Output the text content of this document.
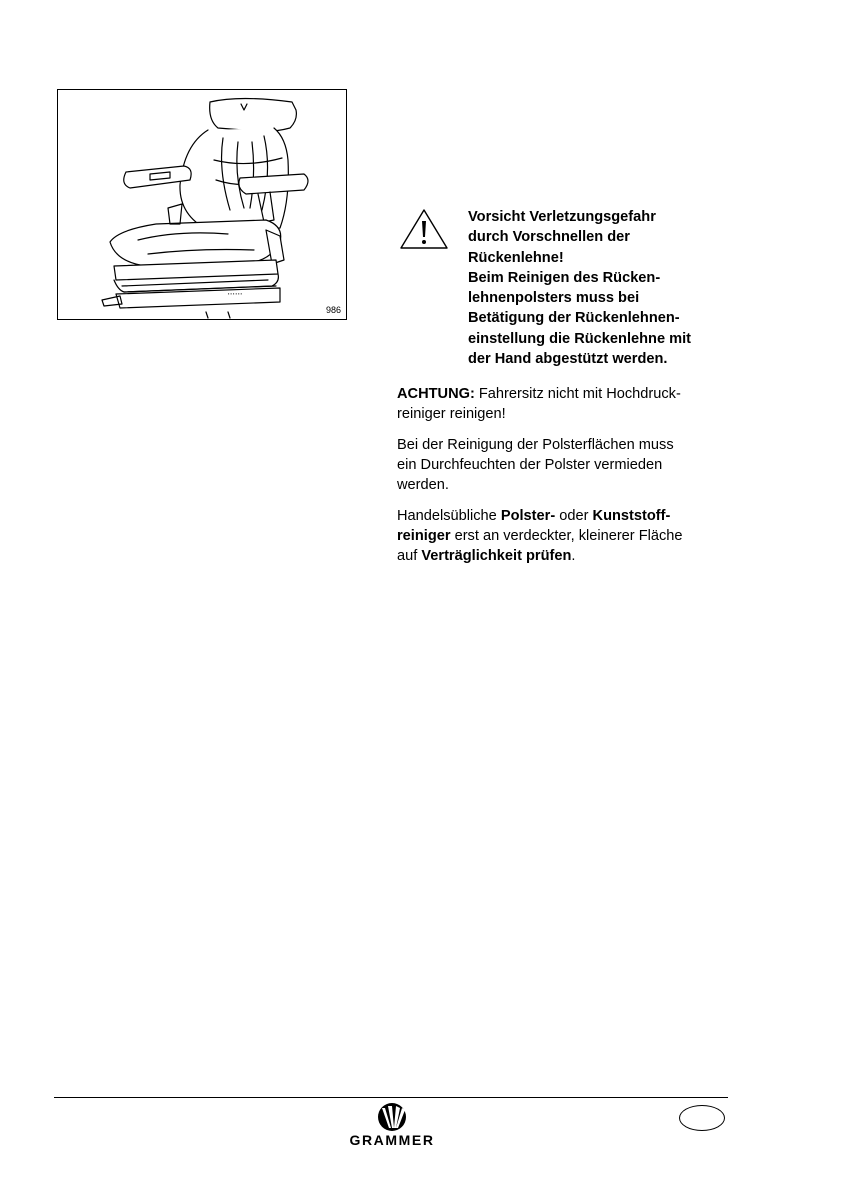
▪ ▪ ▪ ▪ ▪ ▪
986
Vorsicht Verletzungsgefahr
durch Vorschnellen der
Rückenlehne!
Beim Reinigen des Rücken-
lehnenpolsters muss bei
Betätigung der Rückenlehnen-
einstellung die Rückenlehne mit
der Hand abgestützt werden.
ACHTUNG: Fahrersitz nicht mit Hochdruck-
reiniger reinigen!
Bei der Reinigung der Polsterflächen muss
ein Durchfeuchten der Polster vermieden
werden.
Handelsübliche Polster- oder Kunststoff-
reiniger erst an verdeckter, kleinerer Fläche
auf Verträglichkeit prüfen.
GRAMMER
